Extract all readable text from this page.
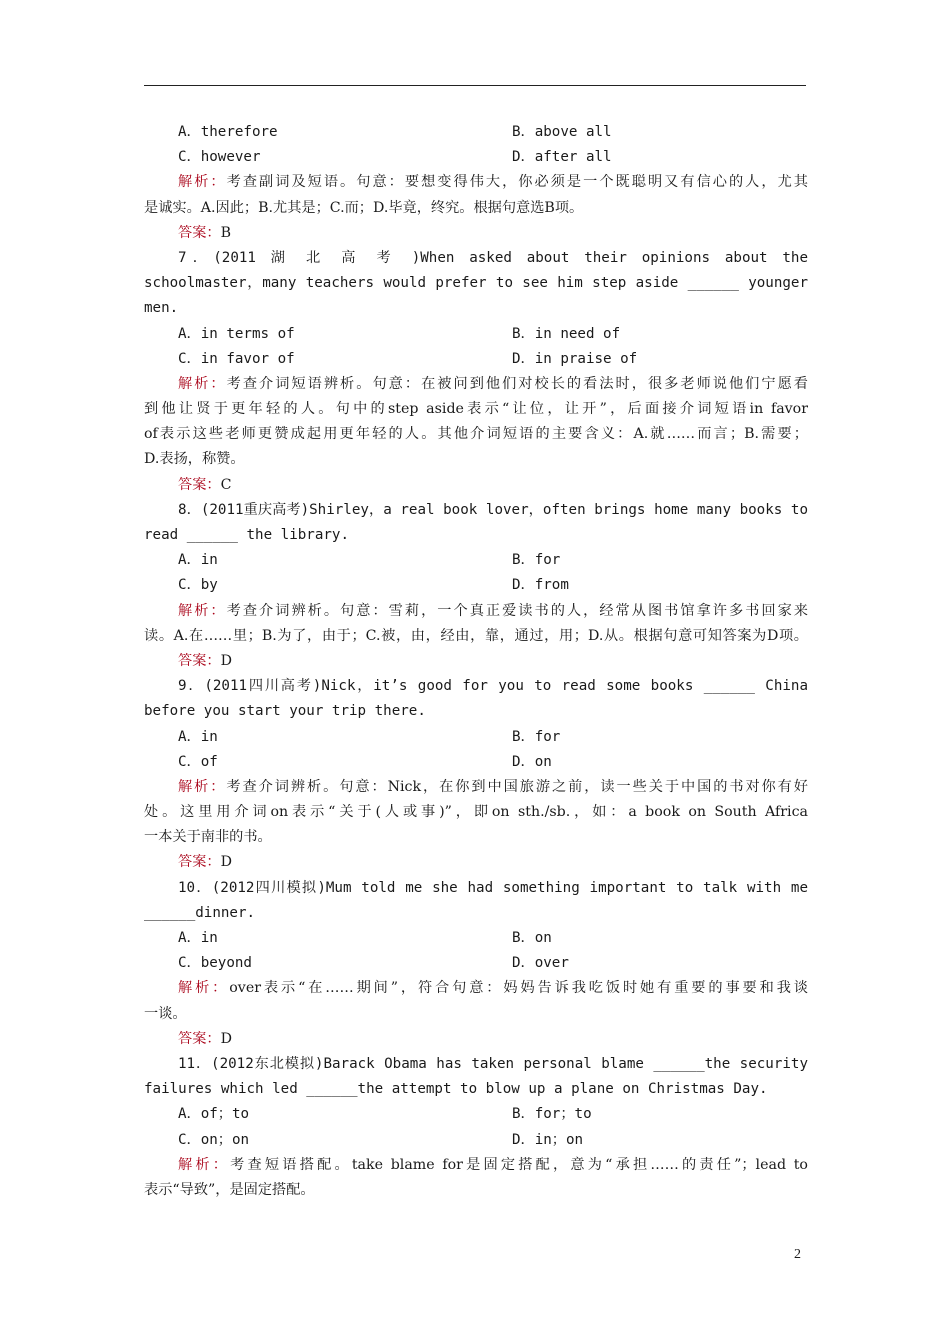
A．therefore	B．above all
C．however	D．after all
解析：考查副词及短语。句意：要想变得伟大，你必须是一个既聪明又有信心的人，尤其
是诚实。A.因此；B.尤其是；C.而；D.毕竟，终究。根据句意选B项。
答案：B
7．(2011 湖 北 高 考 )When asked about their opinions about the
schoolmaster，many teachers would prefer to see him step aside ______ younger
men.
A．in terms of	B．in need of
C．in favor of	D．in praise of
解析：考查介词短语辨析。句意：在被问到他们对校长的看法时，很多老师说他们宁愿看
到他让贤于更年轻的人。句中的step aside表示“让位，让开”，后面接介词短语in favor
of表示这些老师更赞成起用更年轻的人。其他介词短语的主要含义：A.就……而言；B.需要；
D.表扬，称赞。
答案：C
8．(2011重庆高考)Shirley，a real book lover，often brings home many books to
read ______ the library.
A．in	B．for
C．by	D．from
解析：考查介词辨析。句意：雪莉，一个真正爱读书的人，经常从图书馆拿许多书回家来
读。A.在……里；B.为了，由于；C.被，由，经由，靠，通过，用；D.从。根据句意可知答案为D项。
答案：D
9．(2011四川高考)Nick，it’s good for you to read some books ______ China
before you start your trip there.
A．in	B．for
C．of	D．on
解析：考查介词辨析。句意：Nick，在你到中国旅游之前，读一些关于中国的书对你有好
处。这里用介词on表示“关于(人或事)”，即on sth./sb.，如：a book on South Africa
一本关于南非的书。
答案：D
10．(2012四川模拟)Mum told me she had something important to talk with me
______dinner.
A．in	B．on
C．beyond	D．over
解析：over表示“在……期间”，符合句意：妈妈告诉我吃饭时她有重要的事要和我谈
一谈。
答案：D
11．(2012东北模拟)Barack Obama has taken personal blame ______the security
failures which led ______the attempt to blow up a plane on Christmas Day.
A．of；to	B．for；to
C．on；on	D．in；on
解析：考查短语搭配。take blame for是固定搭配，意为“承担……的责任”；lead to
表示“导致”，是固定搭配。
2
